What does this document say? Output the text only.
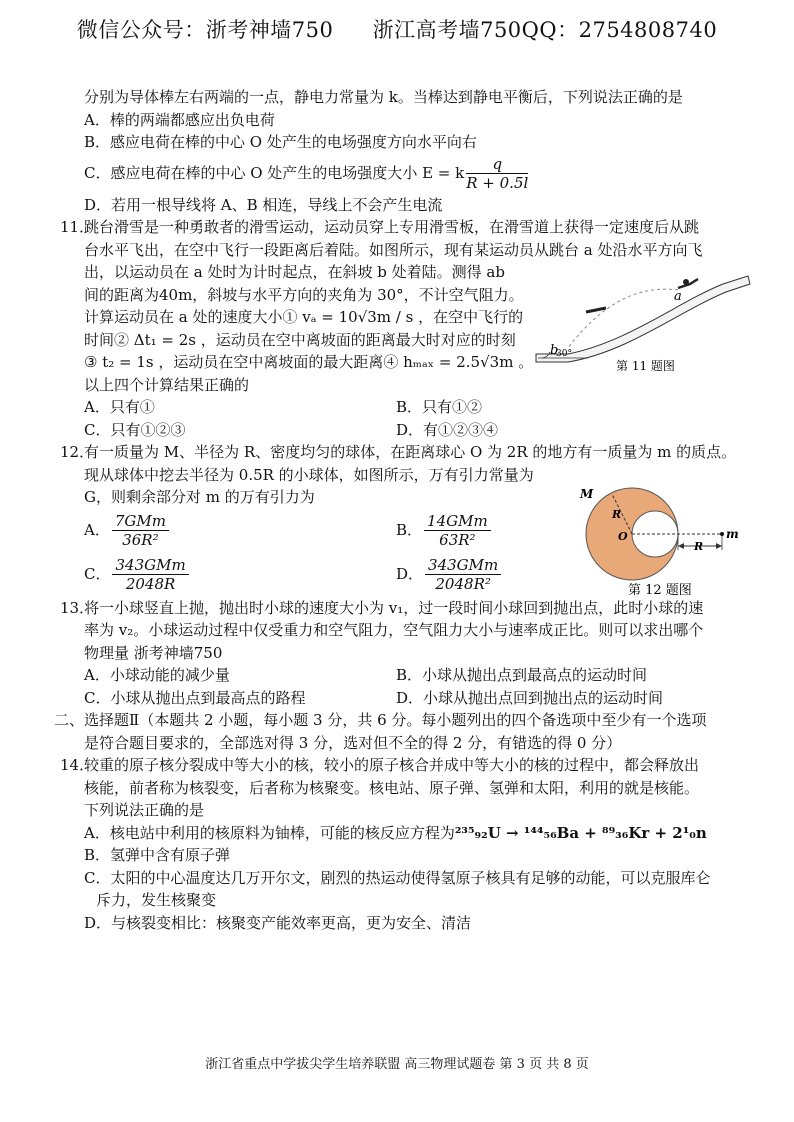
微信公众号：浙考神墙750 浙江高考墙750QQ：2754808740
分别为导体棒左右两端的一点，静电力常量为 k。当棒达到静电平衡后，下列说法正确的是
A．棒的两端都感应出负电荷
B．感应电荷在棒的中心 O 处产生的电场强度方向水平向右
C．感应电荷在棒的中心 O 处产生的电场强度大小 E = k $\frac{q}{R + 0.5l}$
D．若用一根导线将 A、B 相连，导线上不会产生电流
11．
跳台滑雪是一种勇敢者的滑雪运动，运动员穿上专用滑雪板，在滑雪道上获得一定速度后从跳
台水平飞出，在空中飞行一段距离后着陆。如图所示，现有某运动员从跳台 a 处沿水平方向飞
出，以运动员在 a 处时为计时起点，在斜坡 b 处着陆。测得 ab
间的距离为40m，斜坡与水平方向的夹角为 30°，不计空气阻力。
计算运动员在 a 处的速度大小① vₐ = 10√3m / s ，在空中飞行的
时间② Δt₁ = 2s ，运动员在空中离坡面的距离最大时对应的时刻
③ t₂ = 1s ，运动员在空中离坡面的最大距离④ hₘₐₓ = 2.5√3m 。
以上四个计算结果正确的
A．只有①	B．只有①②
C．只有①②③	D．有①②③④
12．
有一质量为 M、半径为 R、密度均匀的球体，在距离球心 O 为 2R 的地方有一质量为 m 的质点。
现从球体中挖去半径为 0.5R 的小球体，如图所示，万有引力常量为
G，则剩余部分对 m 的万有引力为
A． $\frac{\text{7GMm}}{\text{36R²}}$	B． $\frac{\text{14GMm}}{\text{63R²}}$
C． $\frac{\text{343GMm}}{2048R}$	D． $\frac{\text{343GMm}}{\text{2048R²}}$
13．
将一小球竖直上抛，抛出时小球的速度大小为 v₁，过一段时间小球回到抛出点，此时小球的速
率为 v₂。小球运动过程中仅受重力和空气阻力，空气阻力大小与速率成正比。则可以求出哪个
物理量 浙考神墙750
A．小球动能的减少量	B．小球从抛出点到最高点的运动时间
C．小球从抛出点到最高点的路程	D．小球从抛出点回到抛出点的运动时间
二、选择题Ⅱ（本题共 2 小题，每小题 3 分，共 6 分。每小题列出的四个备选项中至少有一个选项
是符合题目要求的，全部选对得 3 分，选对但不全的得 2 分，有错选的得 0 分）
14．
较重的原子核分裂成中等大小的核，较小的原子核合并成中等大小的核的过程中，都会释放出
核能，前者称为核裂变，后者称为核聚变。核电站、原子弹、氢弹和太阳，利用的就是核能。
下列说法正确的是
A．核电站中利用的核原料为铀棒，可能的核反应方程为²³⁵₉₂U → ¹⁴⁴₅₆Ba + ⁸⁹₃₆Kr + 2¹₀n
B．氢弹中含有原子弹
C．太阳的中心温度达几万开尔文，剧烈的热运动使得氢原子核具有足够的动能，可以克服库仑
斥力，发生核聚变
D．与核裂变相比：核聚变产能效率更高，更为安全、清洁
a
b
30°
第 11 题图
M
R
O
R
m
第 12 题图
浙江省重点中学拔尖学生培养联盟 高三物理试题卷 第 3 页 共 8 页
